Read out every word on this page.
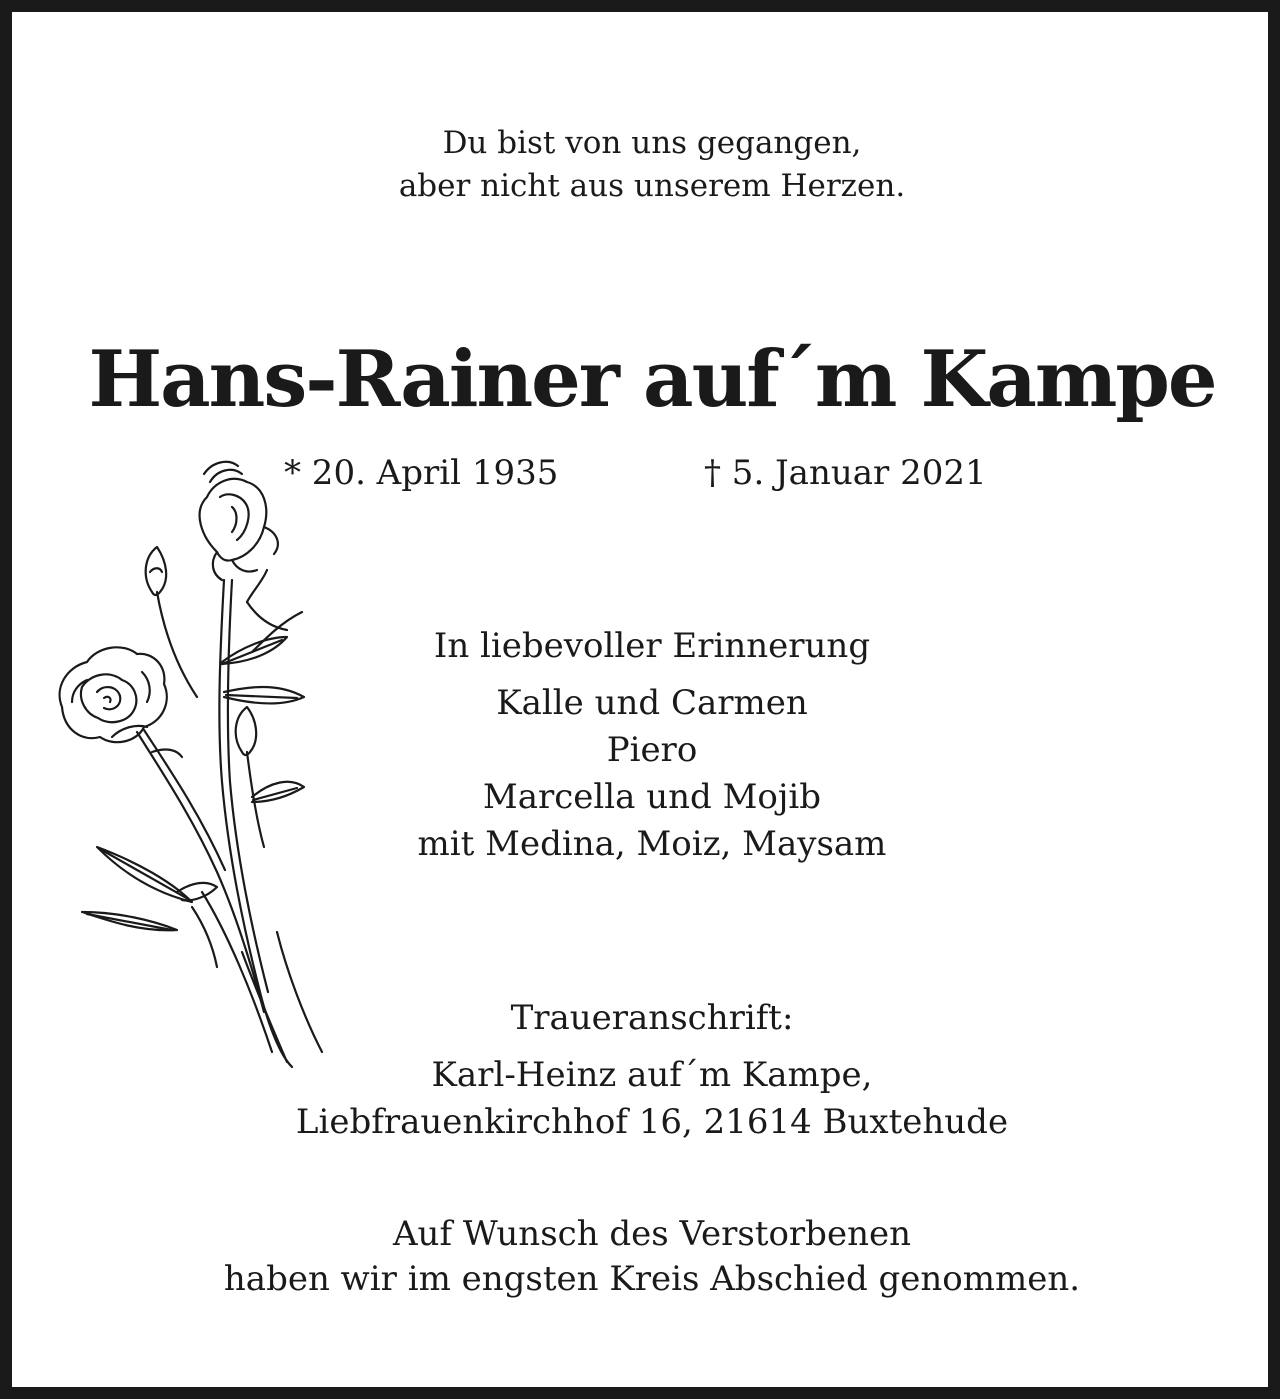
Du bist von uns gegangen,
aber nicht aus unserem Herzen.
Hans-Rainer auf´m Kampe
* 20. April 1935	† 5. Januar 2021
In liebevoller Erinnerung
Kalle und Carmen
Piero
Marcella und Mojib
mit Medina, Moiz, Maysam
Traueranschrift:
Karl-Heinz auf´m Kampe,
Liebfrauenkirchhof 16, 21614 Buxtehude
Auf Wunsch des Verstorbenen
haben wir im engsten Kreis Abschied genommen.
